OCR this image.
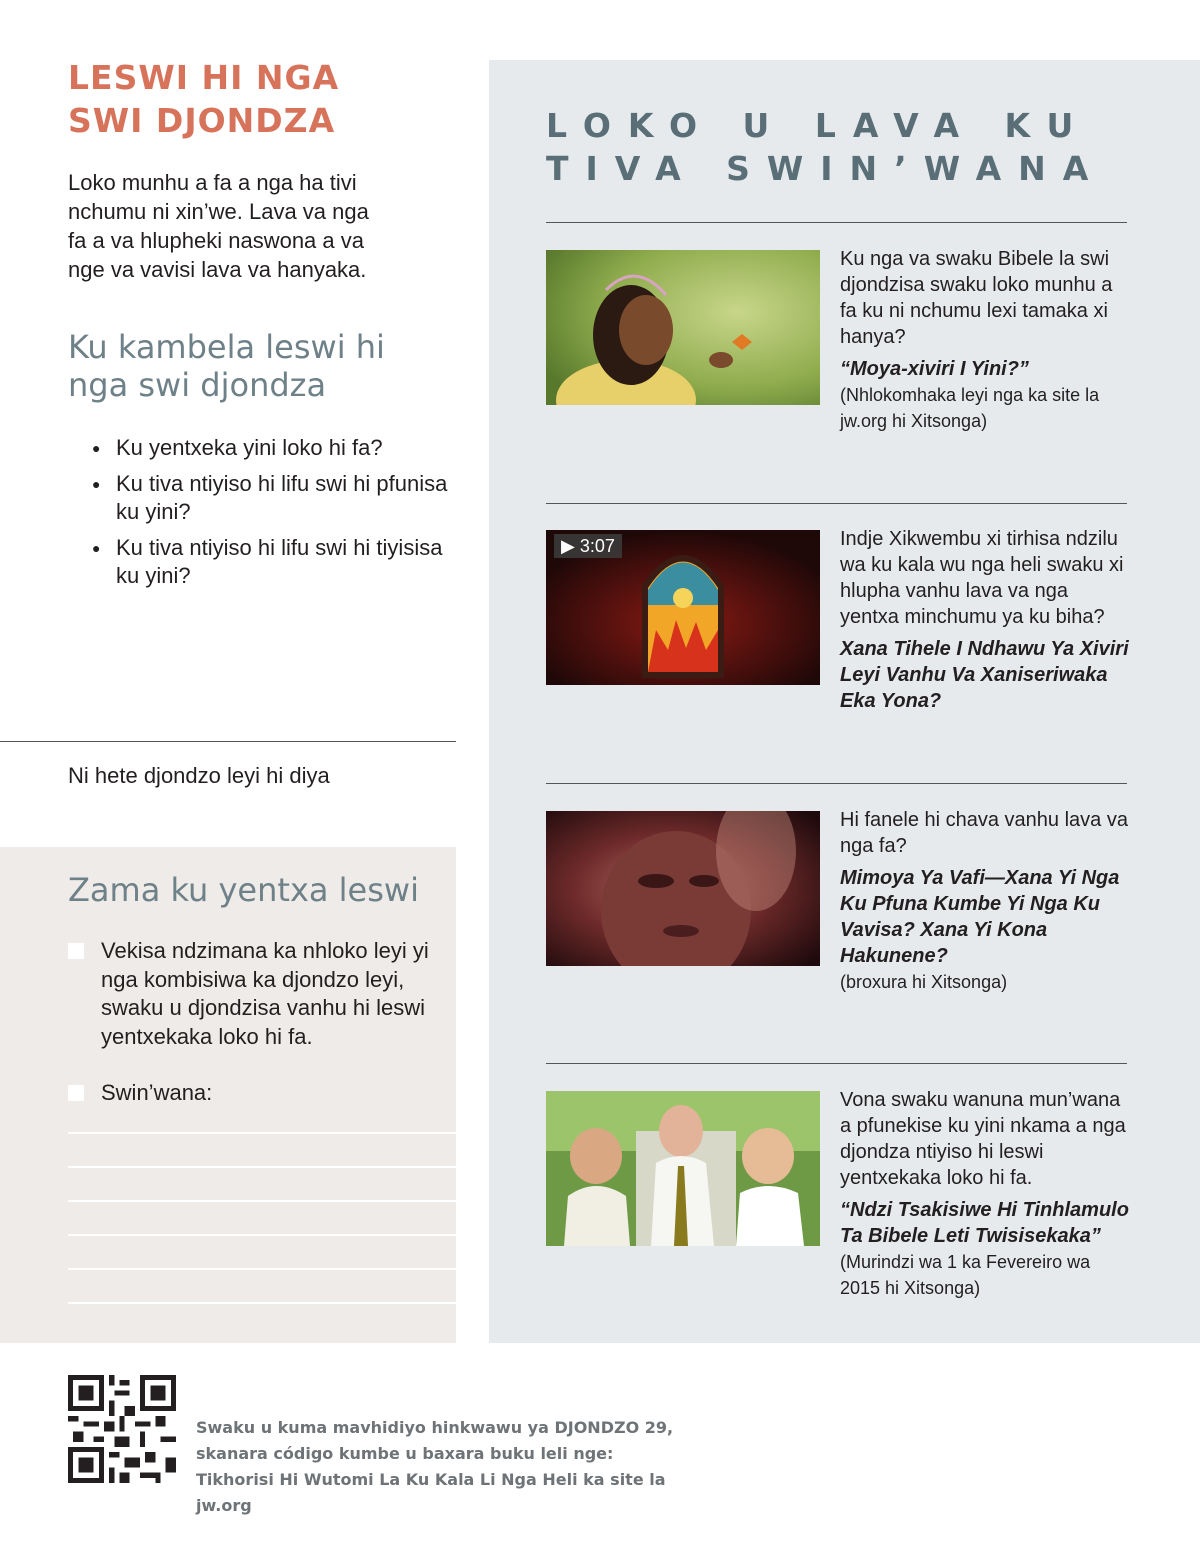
LESWI HI NGA SWI DJONDZA
Loko munhu a fa a nga ha tivi nchumu ni xin’we. Lava va nga fa a va hlupheki naswona a va nge va vavisi lava va hanyaka.
Ku kambela leswi hi nga swi djondza
● Ku yentxeka yini loko hi fa?
● Ku tiva ntiyiso hi lifu swi hi pfunisa ku yini?
● Ku tiva ntiyiso hi lifu swi hi tiyisisa ku yini?
Ni hete djondzo leyi hi diya
Zama ku yentxa leswi
Vekisa ndzimana ka nhloko leyi yi nga kombisiwa ka djondzo leyi, swaku u djondzisa vanhu hi leswi yentxekaka loko hi fa.
Swin’wana:
LOKO U LAVA KU TIVA SWIN’WANA
Ku nga va swaku Bibele la swi djondzisa swaku loko munhu a fa ku ni nchumu lexi tamaka xi hanya?
“Moya-xiviri I Yini?”
(Nhlokomhaka leyi nga ka site la jw.org hi Xitsonga)
▶ 3:07	Indje Xikwembu xi tirhisa ndzilu wa ku kala wu nga heli swaku xi hlupha vanhu lava va nga yentxa minchumu ya ku biha?
Xana Tihele I Ndhawu Ya Xiviri Leyi Vanhu Va Xaniseriwaka Eka Yona?
Hi fanele hi chava vanhu lava va nga fa?
Mimoya Ya Vafi—Xana Yi Nga Ku Pfuna Kumbe Yi Nga Ku Vavisa? Xana Yi Kona Hakunene?
(broxura hi Xitsonga)
Vona swaku wanuna mun’wana a pfunekise ku yini nkama a nga djondza ntiyiso hi leswi yentxekaka loko hi fa.
“Ndzi Tsakisiwe Hi Tinhlamulo Ta Bibele Leti Twisisekaka”
(Murindzi wa 1 ka Fevereiro wa 2015 hi Xitsonga)
Swaku u kuma mavhidiyo hinkwawu ya DJONDZO 29, skanara código kumbe u baxara buku leli nge: Tikhorisi Hi Wutomi La Ku Kala Li Nga Heli ka site la jw.org
